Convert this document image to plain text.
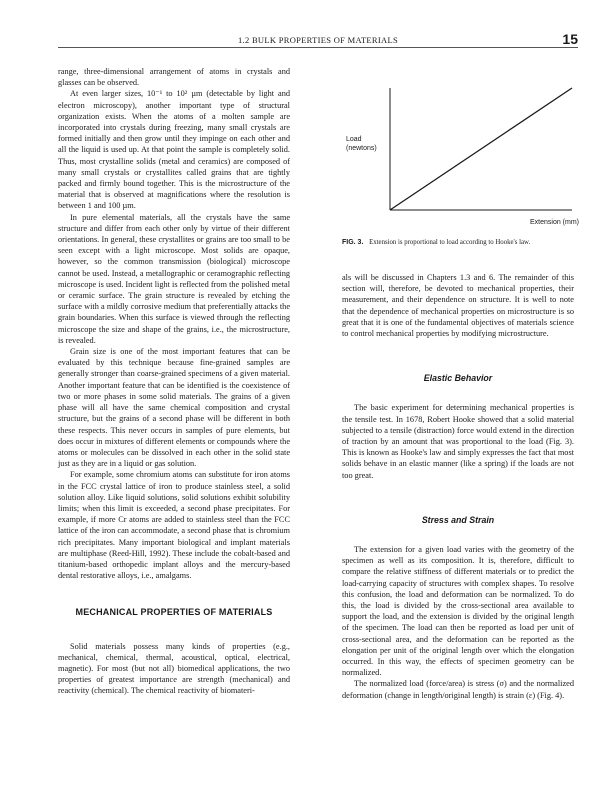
1.2 BULK PROPERTIES OF MATERIALS	15

range, three-dimensional arrangement of atoms in crystals and glasses can be observed.

At even larger sizes, 10⁻¹ to 10² µm (detectable by light and electron microscopy), another important type of structural organization exists. When the atoms of a molten sample are incorporated into crystals during freezing, many small crystals are formed initially and then grow until they impinge on each other and all the liquid is used up. At that point the sample is completely solid. Thus, most crystalline solids (metal and ceramics) are composed of many small crystals or crystallites called grains that are tightly packed and firmly bound together. This is the microstructure of the material that is observed at magnifications where the resolution is between 1 and 100 µm.

In pure elemental materials, all the crystals have the same structure and differ from each other only by virtue of their different orientations. In general, these crystallites or grains are too small to be seen except with a light microscope. Most solids are opaque, however, so the common transmission (biological) microscope cannot be used. Instead, a metallographic or ceramographic reflecting microscope is used. Incident light is reflected from the polished metal or ceramic surface. The grain structure is revealed by etching the surface with a mildly corrosive medium that preferentially attacks the grain boundaries. When this surface is viewed through the reflecting microscope the size and shape of the grains, i.e., the microstructure, is revealed.

Grain size is one of the most important features that can be evaluated by this technique because fine-grained samples are generally stronger than coarse-grained specimens of a given material. Another important feature that can be identified is the coexistence of two or more phases in some solid materials. The grains of a given phase will all have the same chemical composition and crystal structure, but the grains of a second phase will be different in both these respects. This never occurs in samples of pure elements, but does occur in mixtures of different elements or compounds where the atoms or molecules can be dissolved in each other in the solid state just as they are in a liquid or gas solution.

For example, some chromium atoms can substitute for iron atoms in the FCC crystal lattice of iron to produce stainless steel, a solid solution alloy. Like liquid solutions, solid solutions exhibit solubility limits; when this limit is exceeded, a second phase precipitates. For example, if more Cr atoms are added to stainless steel than the FCC lattice of the iron can accommodate, a second phase that is chromium rich precipitates. Many important biological and implant materials are multiphase (Reed-Hill, 1992). These include the cobalt-based and titanium-based orthopedic implant alloys and the mercury-based dental restorative alloys, i.e., amalgams.

MECHANICAL PROPERTIES OF MATERIALS

Solid materials possess many kinds of properties (e.g., mechanical, chemical, thermal, acoustical, optical, electrical, magnetic). For most (but not all) biomedical applications, the two properties of greatest importance are strength (mechanical) and reactivity (chemical). The chemical reactivity of biomateri-

Load
(newtons)
Extension (mm)
FIG. 3. Extension is proportional to load according to Hooke's law.

als will be discussed in Chapters 1.3 and 6. The remainder of this section will, therefore, be devoted to mechanical properties, their measurement, and their dependence on structure. It is well to note that the dependence of mechanical properties on microstructure is so great that it is one of the fundamental objectives of materials science to control mechanical properties by modifying microstructure.

Elastic Behavior

The basic experiment for determining mechanical properties is the tensile test. In 1678, Robert Hooke showed that a solid material subjected to a tensile (distraction) force would extend in the direction of traction by an amount that was proportional to the load (Fig. 3). This is known as Hooke's law and simply expresses the fact that most solids behave in an elastic manner (like a spring) if the loads are not too great.

Stress and Strain

The extension for a given load varies with the geometry of the specimen as well as its composition. It is, therefore, difficult to compare the relative stiffness of different materials or to predict the load-carrying capacity of structures with complex shapes. To resolve this confusion, the load and deformation can be normalized. To do this, the load is divided by the cross-sectional area available to support the load, and the extension is divided by the original length of the specimen. The load can then be reported as load per unit of cross-sectional area, and the deformation can be reported as the elongation per unit of the original length over which the elongation occurred. In this way, the effects of specimen geometry can be normalized.

The normalized load (force/area) is stress (σ) and the normalized deformation (change in length/original length) is strain (ε) (Fig. 4).
